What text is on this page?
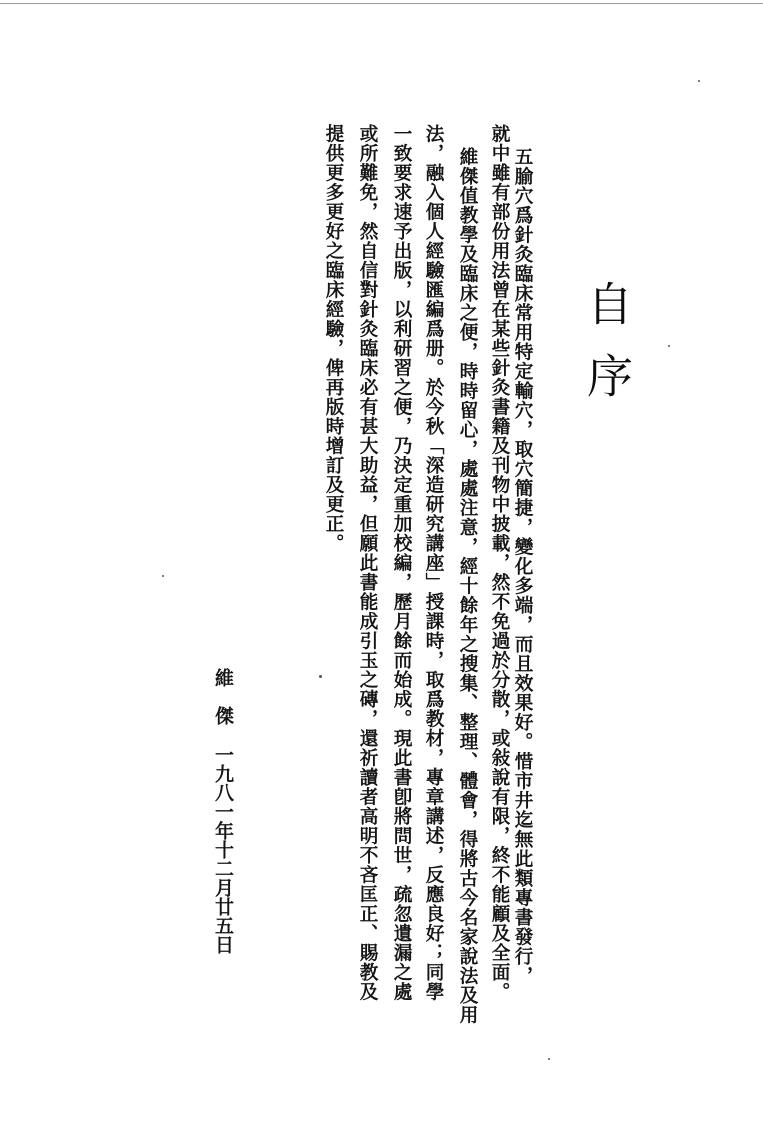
自序
五腧穴爲針灸臨床常用特定輸穴，取穴簡捷，變化多端，而且效果好。惜市井迄無此類專書發行，
就中雖有部份用法曾在某些針灸書籍及刊物中披載，然不免過於分散，或敍說有限，終不能顧及全面。
維傑值教學及臨床之便，時時留心，處處注意，經十餘年之搜集、整理、體會，得將古今名家說法及用
法，融入個人經驗匯編爲册。於今秋「深造研究講座」授課時，取爲教材，專章講述，反應良好；同學
一致要求速予出版，以利研習之便，乃決定重加校編，歷月餘而始成。現此書卽將問世，疏忽遺漏之處
或所難免，然自信對針灸臨床必有甚大助益，但願此書能成引玉之磚，還祈讀者高明不吝匡正、賜教及
提供更多更好之臨床經驗，俾再版時增訂及更正。
維
傑
一九八一年十二月廿五日
